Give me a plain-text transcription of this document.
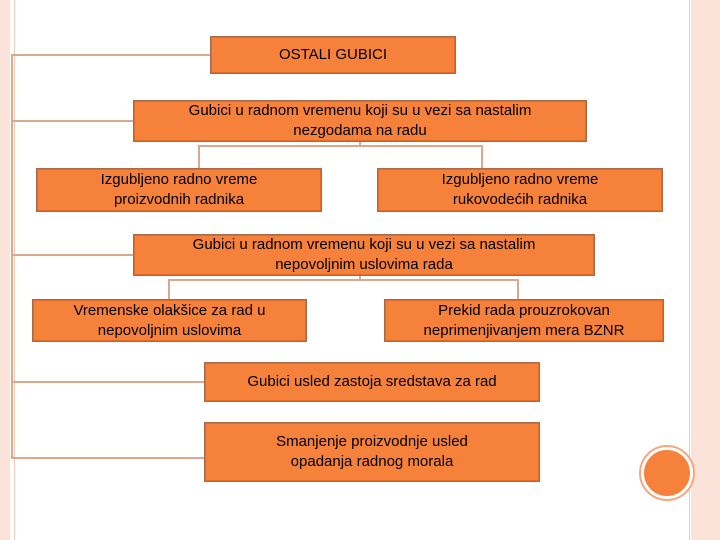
OSTALI GUBICI
Gubici u radnom vremenu koji su u vezi sa nastalim
nezgodama na radu
Izgubljeno radno vreme
proizvodnih radnika
Izgubljeno radno vreme
rukovodećih radnika
Gubici u radnom vremenu koji su u vezi sa nastalim
nepovoljnim uslovima rada
Vremenske olakšice za rad u
nepovoljnim uslovima
Prekid rada prouzrokovan
neprimenjivanjem mera BZNR
Gubici usled zastoja sredstava za rad
Smanjenje proizvodnje usled
opadanja radnog morala
